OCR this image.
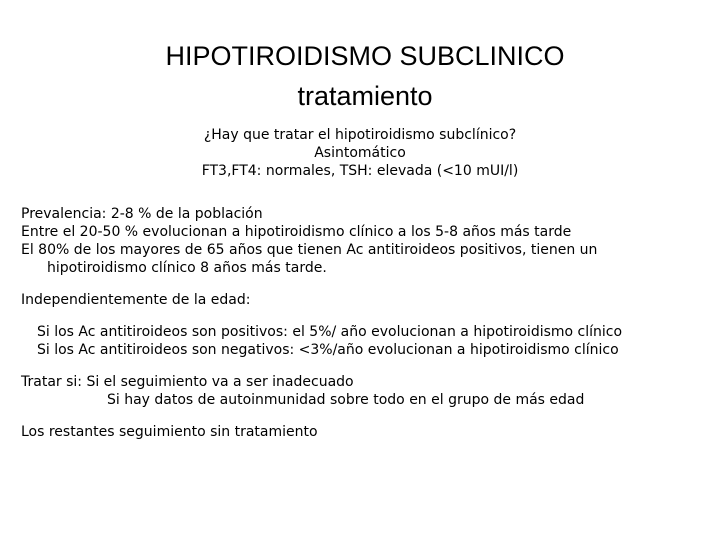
HIPOTIROIDISMO SUBCLINICO
tratamiento
¿Hay que tratar el hipotiroidismo subclínico?
Asintomático
FT3,FT4: normales, TSH: elevada (<10 mUI/l)

Prevalencia: 2-8 % de la población

Entre el 20-50 % evolucionan a hipotiroidismo clínico a los 5-8 años más tarde

El 80% de los mayores de 65 años que tienen Ac antitiroideos positivos, tienen un hipotiroidismo clínico 8 años más tarde.

Independientemente de la edad:

Si los Ac antitiroideos son positivos: el 5%/ año evolucionan a hipotiroidismo clínico

Si los Ac antitiroideos son negativos: <3%/año evolucionan a hipotiroidismo clínico

Tratar si: Si el seguimiento va a ser inadecuado

Si hay datos de autoinmunidad sobre todo en el grupo de más edad

Los restantes seguimiento sin tratamiento
